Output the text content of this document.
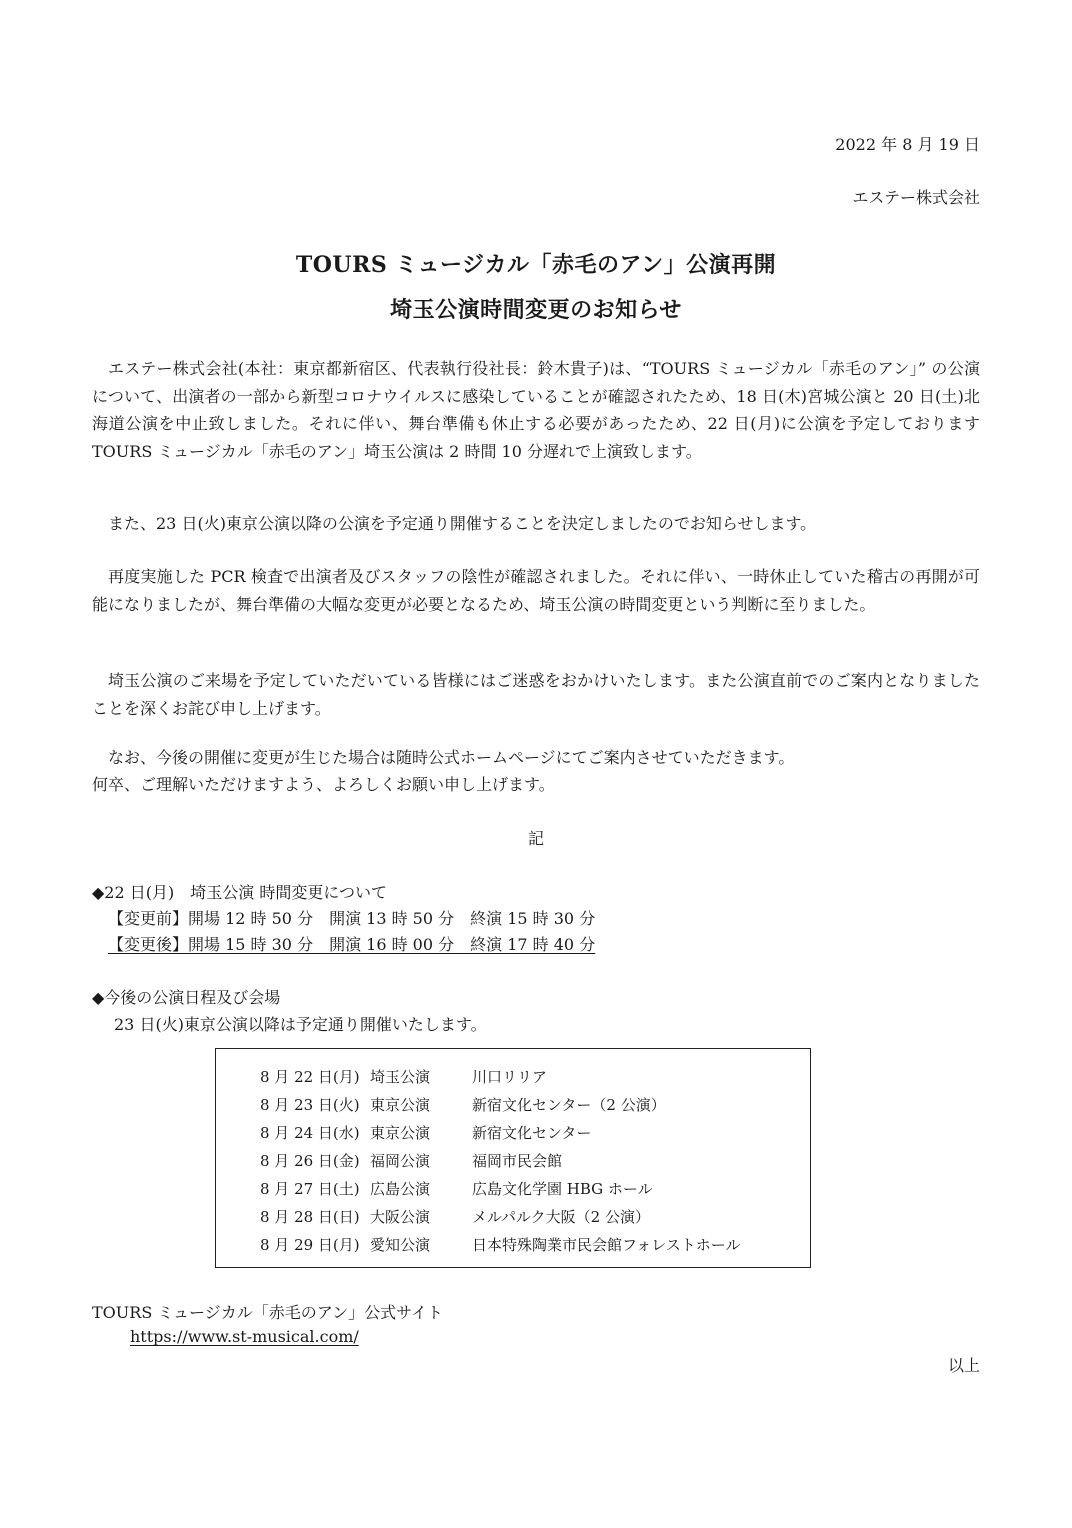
2022 年 8 月 19 日
エステー株式会社
TOURS ミュージカル「赤毛のアン」公演再開
埼玉公演時間変更のお知らせ

エステー株式会社(本社：東京都新宿区、代表執行役社長：鈴木貴子)は、“TOURS ミュージカル「赤毛のアン」” の公演について、出演者の一部から新型コロナウイルスに感染していることが確認されたため、18 日(木)宮城公演と 20 日(土)北海道公演を中止致しました。それに伴い、舞台準備も休止する必要があったため、22 日(月)に公演を予定しております TOURS ミュージカル「赤毛のアン」埼玉公演は 2 時間 10 分遅れで上演致します。

また、23 日(火)東京公演以降の公演を予定通り開催することを決定しましたのでお知らせします。

再度実施した PCR 検査で出演者及びスタッフの陰性が確認されました。それに伴い、一時休止していた稽古の再開が可能になりましたが、舞台準備の大幅な変更が必要となるため、埼玉公演の時間変更という判断に至りました。

埼玉公演のご来場を予定していただいている皆様にはご迷惑をおかけいたします。また公演直前でのご案内となりましたことを深くお詫び申し上げます。

なお、今後の開催に変更が生じた場合は随時公式ホームページにてご案内させていただきます。

何卒、ご理解いただけますよう、よろしくお願い申し上げます。

記
◆22 日(月)　埼玉公演 時間変更について
【変更前】開場 12 時 50 分　開演 13 時 50 分　終演 15 時 30 分
【変更後】開場 15 時 30 分　開演 16 時 00 分　終演 17 時 40 分
◆今後の公演日程及び会場
23 日(火)東京公演以降は予定通り開催いたします。
8 月 22 日(月) 埼玉公演	川口リリア
8 月 23 日(火) 東京公演	新宿文化センター（2 公演）
8 月 24 日(水) 東京公演	新宿文化センター
8 月 26 日(金) 福岡公演	福岡市民会館
8 月 27 日(土) 広島公演	広島文化学園 HBG ホール
8 月 28 日(日) 大阪公演	メルパルク大阪（2 公演）
8 月 29 日(月) 愛知公演	日本特殊陶業市民会館フォレストホール
TOURS ミュージカル「赤毛のアン」公式サイト
https://www.st-musical.com/
以上
